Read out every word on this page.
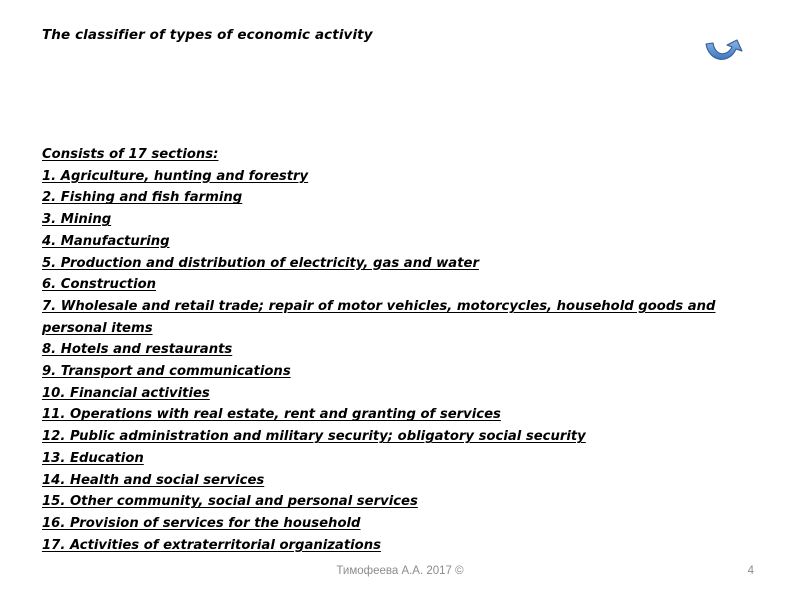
The classifier of types of economic activity
Consists of 17 sections:
1. Agriculture, hunting and forestry
2. Fishing and fish farming
3. Mining
4. Manufacturing
5. Production and distribution of electricity, gas and water
6. Construction
7. Wholesale and retail trade; repair of motor vehicles, motorcycles, household goods and personal items
8. Hotels and restaurants
9. Transport and communications
10. Financial activities
11. Operations with real estate, rent and granting of services
12. Public administration and military security; obligatory social security
13. Education
14. Health and social services
15. Other community, social and personal services
16. Provision of services for the household
17. Activities of extraterritorial organizations
Тимофеева А.А. 2017 ©	4
